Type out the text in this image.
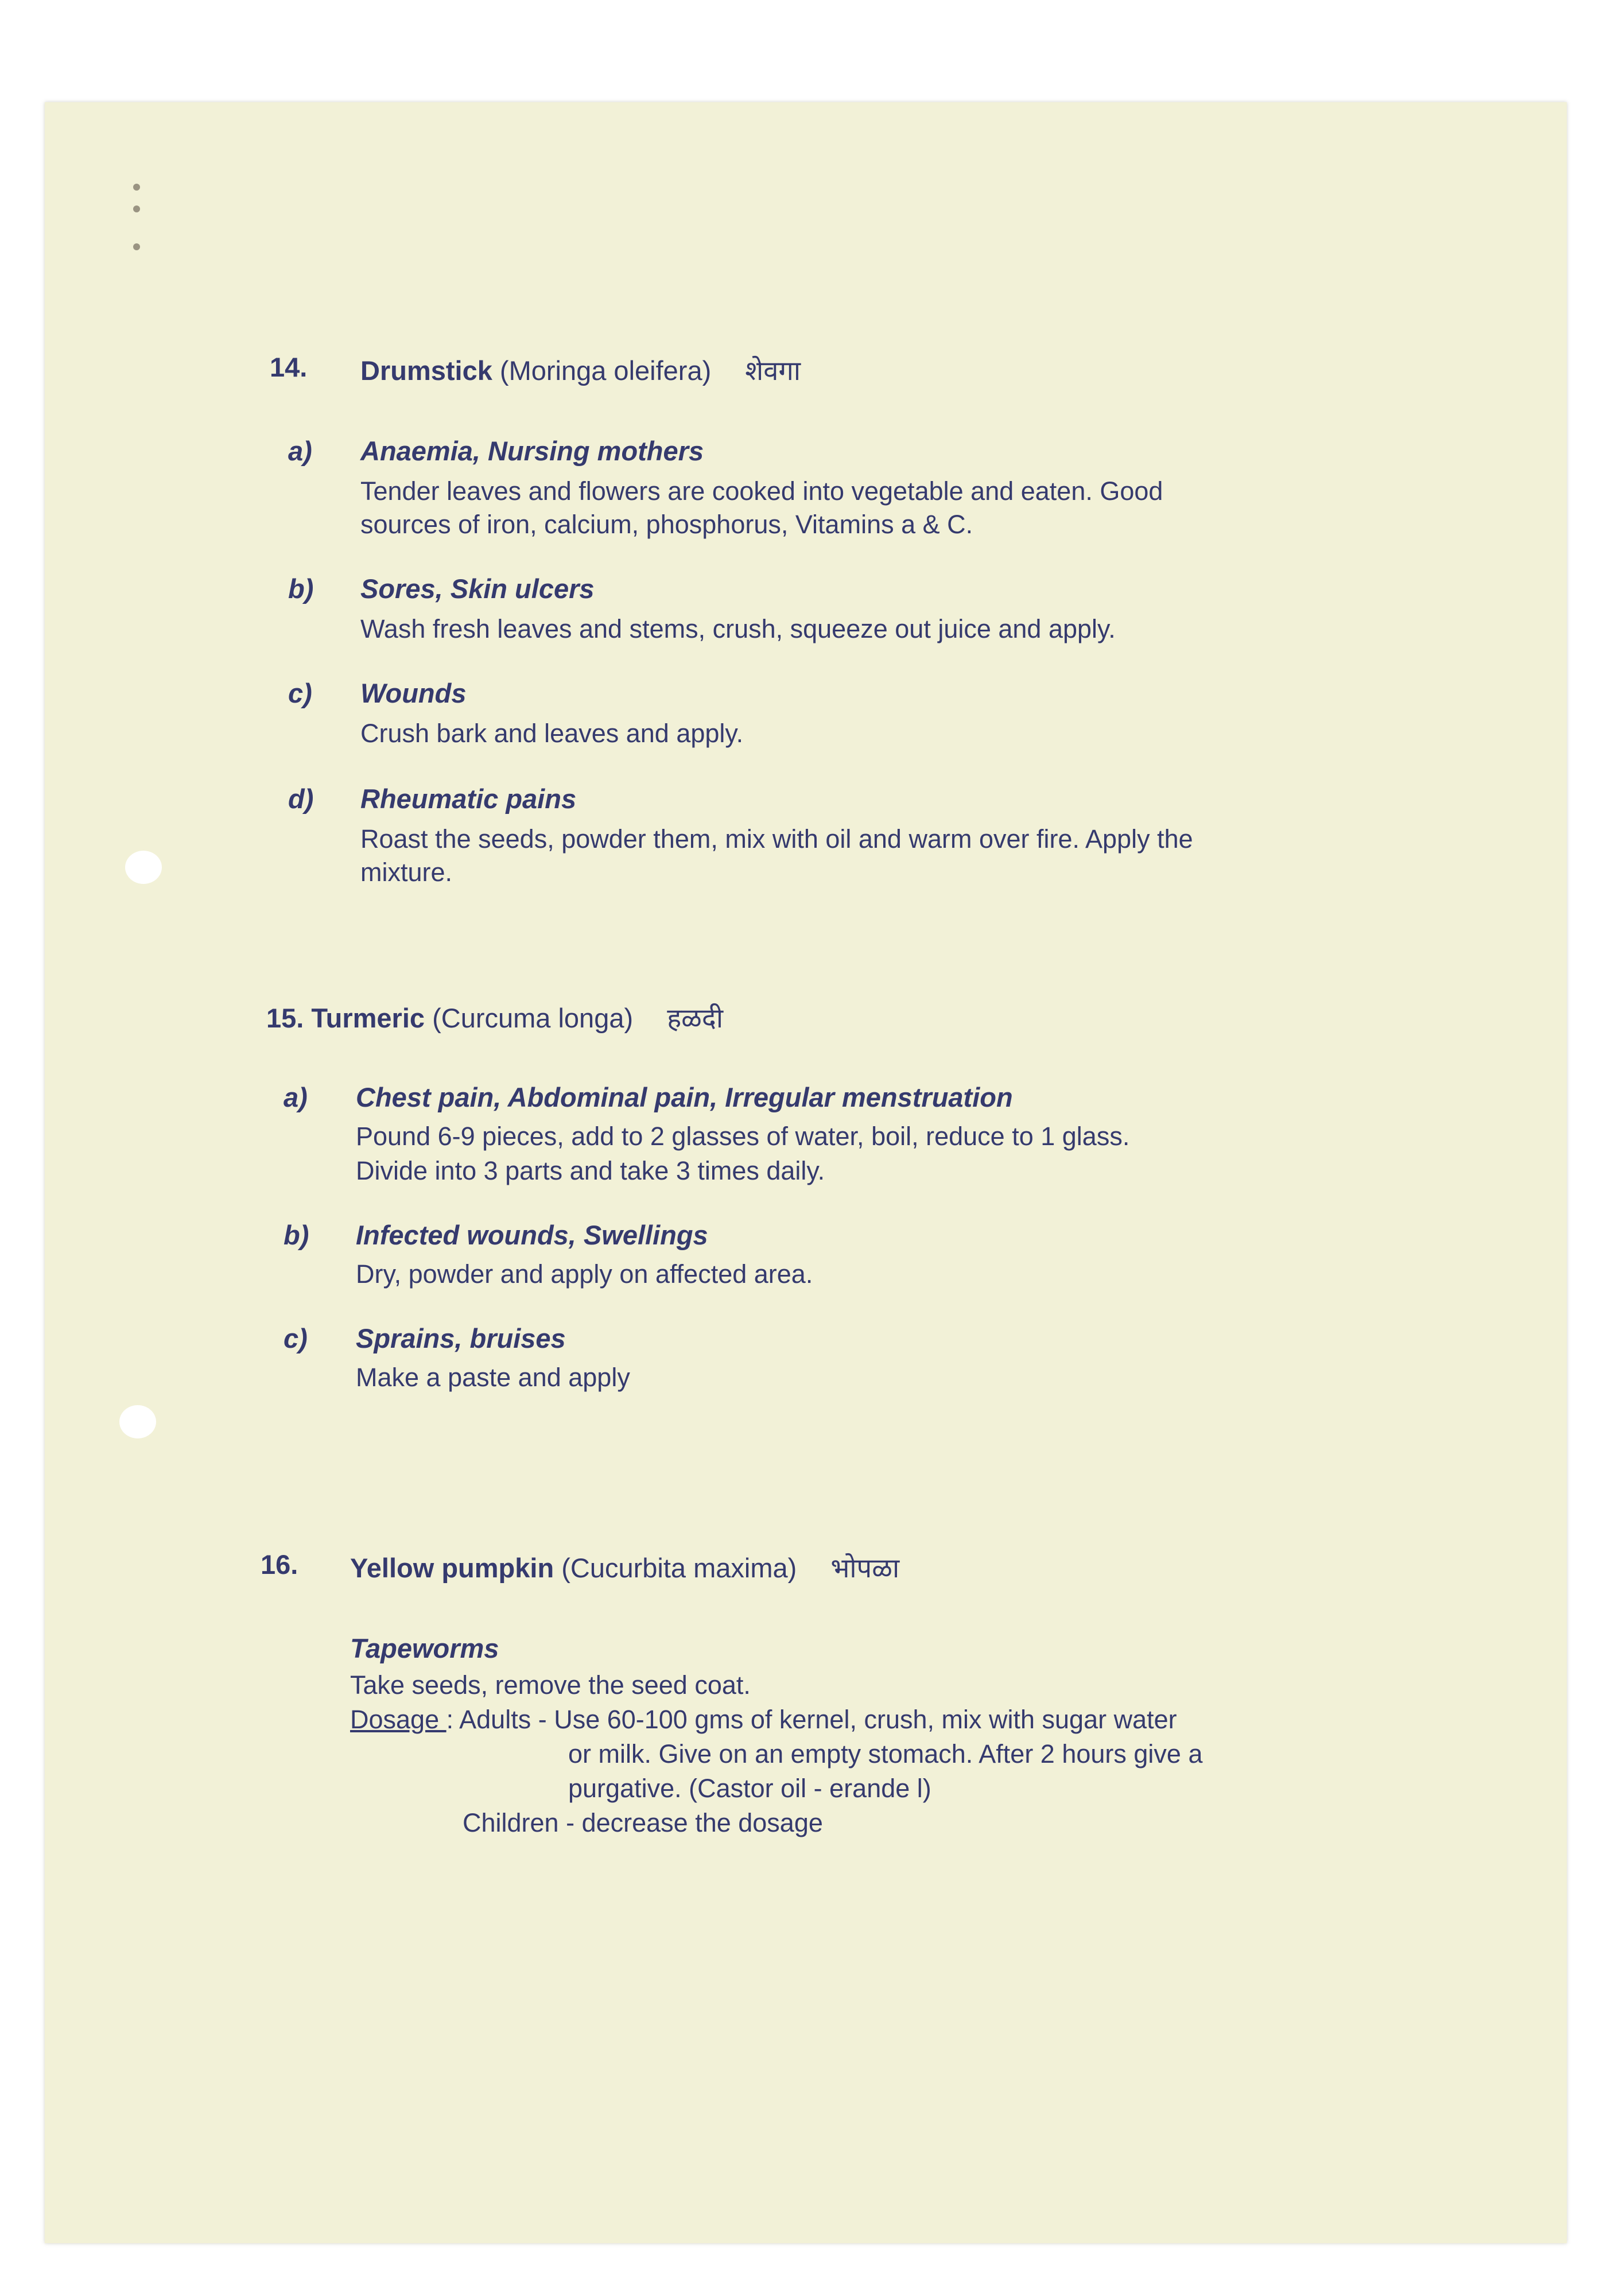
14. Drumstick (Moringa oleifera) शेवगा
a) Anaemia, Nursing mothers
Tender leaves and flowers are cooked into vegetable and eaten. Good
sources of iron, calcium, phosphorus, Vitamins a & C.
b) Sores, Skin ulcers
Wash fresh leaves and stems, crush, squeeze out juice and apply.
c) Wounds
Crush bark and leaves and apply.
d) Rheumatic pains
Roast the seeds, powder them, mix with oil and warm over fire. Apply the
mixture.
15. Turmeric (Curcuma longa) हळदी
a) Chest pain, Abdominal pain, Irregular menstruation
Pound 6-9 pieces, add to 2 glasses of water, boil, reduce to 1 glass.
Divide into 3 parts and take 3 times daily.
b) Infected wounds, Swellings
Dry, powder and apply on affected area.
c) Sprains, bruises
Make a paste and apply
16. Yellow pumpkin (Cucurbita maxima) भोपळा
Tapeworms
Take seeds, remove the seed coat.
Dosage : Adults - Use 60-100 gms of kernel, crush, mix with sugar water
or milk. Give on an empty stomach. After 2 hours give a
purgative. (Castor oil - erande l)
Children - decrease the dosage
